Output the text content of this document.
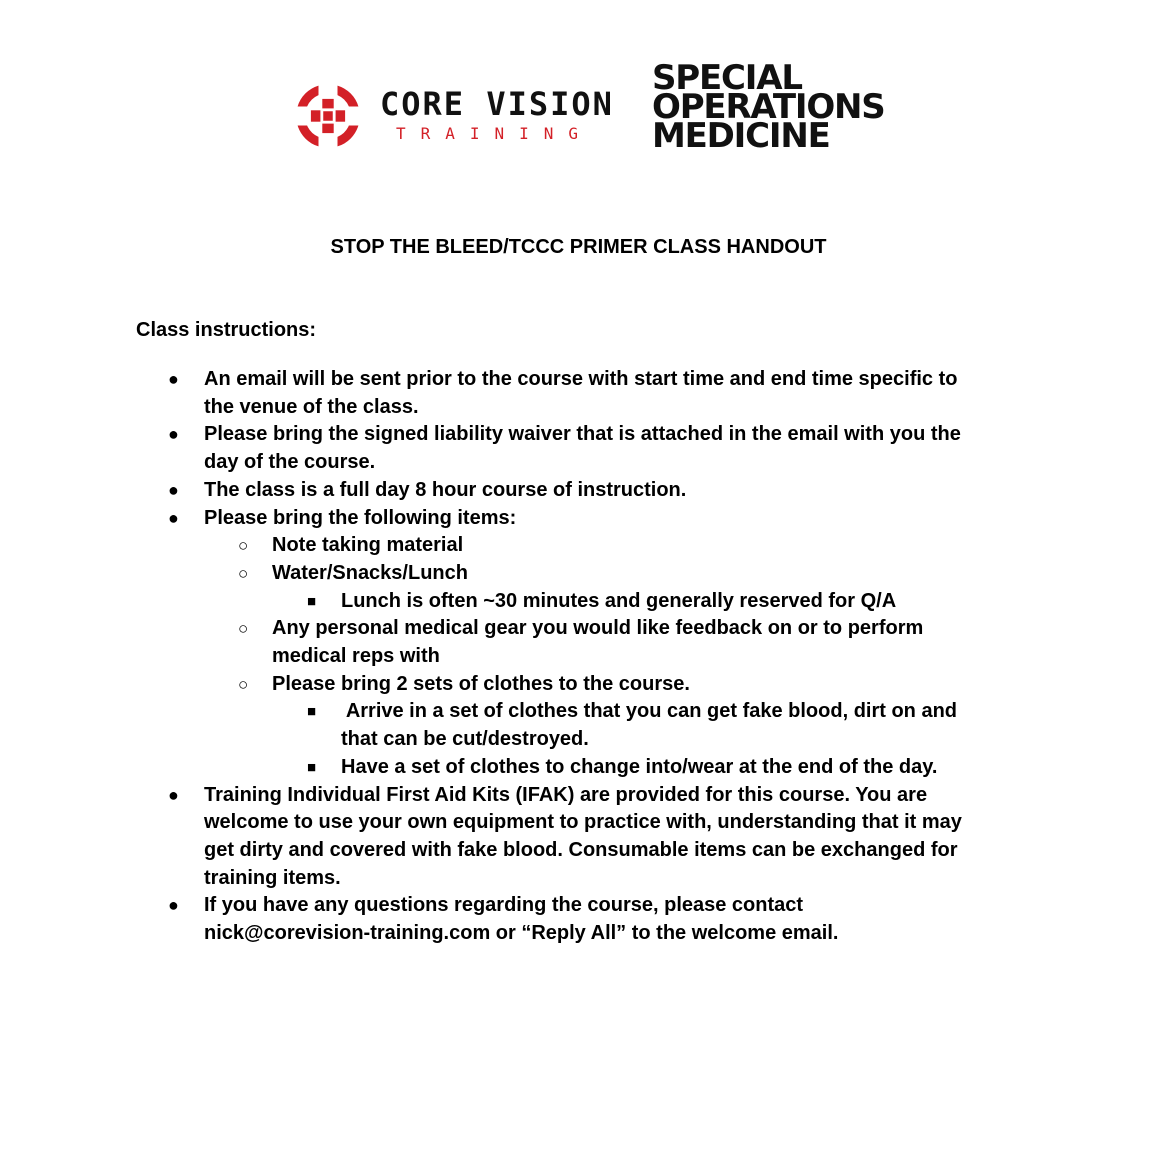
CORE VISION
TRAINING
SPECIAL
OPERATIONS
MEDICINE
STOP THE BLEED/TCCC PRIMER CLASS HANDOUT
Class instructions:
● An email will be sent prior to the course with start time and end time specific to
the venue of the class.
● Please bring the signed liability waiver that is attached in the email with you the
day of the course.
● The class is a full day 8 hour course of instruction.
● Please bring the following items:
○ Note taking material
○ Water/Snacks/Lunch
■ Lunch is often ~30 minutes and generally reserved for Q/A
○ Any personal medical gear you would like feedback on or to perform
medical reps with
○ Please bring 2 sets of clothes to the course.
■ Arrive in a set of clothes that you can get fake blood, dirt on and
that can be cut/destroyed.
■ Have a set of clothes to change into/wear at the end of the day.
● Training Individual First Aid Kits (IFAK) are provided for this course. You are
welcome to use your own equipment to practice with, understanding that it may
get dirty and covered with fake blood. Consumable items can be exchanged for
training items.
● If you have any questions regarding the course, please contact
nick@corevision-training.com or “Reply All” to the welcome email.
